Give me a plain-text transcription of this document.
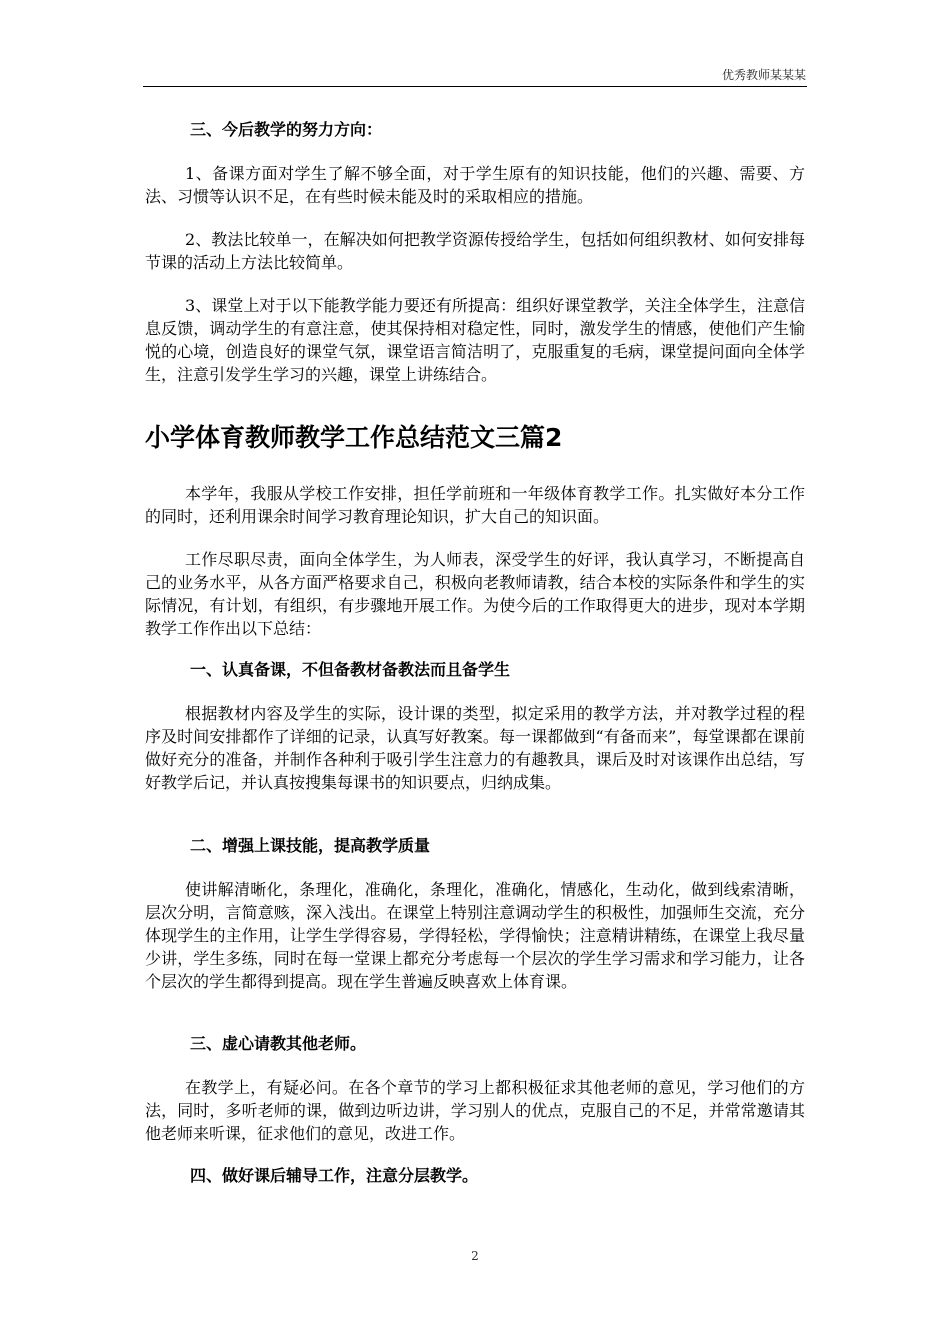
优秀教师某某某
三、今后教学的努力方向：
1、备课方面对学生了解不够全面，对于学生原有的知识技能，他们的兴趣、需要、方法、习惯等认识不足，在有些时候未能及时的采取相应的措施。
2、教法比较单一，在解决如何把教学资源传授给学生，包括如何组织教材、如何安排每节课的活动上方法比较简单。
3、课堂上对于以下能教学能力要还有所提高：组织好课堂教学，关注全体学生，注意信息反馈，调动学生的有意注意，使其保持相对稳定性，同时，激发学生的情感，使他们产生愉悦的心境，创造良好的课堂气氛，课堂语言简洁明了，克服重复的毛病，课堂提问面向全体学生，注意引发学生学习的兴趣，课堂上讲练结合。
小学体育教师教学工作总结范文三篇2
本学年，我服从学校工作安排，担任学前班和一年级体育教学工作。扎实做好本分工作的同时，还利用课余时间学习教育理论知识，扩大自己的知识面。
工作尽职尽责，面向全体学生，为人师表，深受学生的好评，我认真学习，不断提高自己的业务水平，从各方面严格要求自己，积极向老教师请教，结合本校的实际条件和学生的实际情况，有计划，有组织，有步骤地开展工作。为使今后的工作取得更大的进步，现对本学期教学工作作出以下总结：
一、认真备课，不但备教材备教法而且备学生
根据教材内容及学生的实际，设计课的类型，拟定采用的教学方法，并对教学过程的程序及时间安排都作了详细的记录，认真写好教案。每一课都做到“有备而来”，每堂课都在课前做好充分的准备，并制作各种利于吸引学生注意力的有趣教具，课后及时对该课作出总结，写好教学后记，并认真按搜集每课书的知识要点，归纳成集。
二、增强上课技能，提高教学质量
使讲解清晰化，条理化，准确化，条理化，准确化，情感化，生动化，做到线索清晰，层次分明，言简意赅，深入浅出。在课堂上特别注意调动学生的积极性，加强师生交流，充分体现学生的主作用，让学生学得容易，学得轻松，学得愉快；注意精讲精练，在课堂上我尽量少讲，学生多练，同时在每一堂课上都充分考虑每一个层次的学生学习需求和学习能力，让各个层次的学生都得到提高。现在学生普遍反映喜欢上体育课。
三、虚心请教其他老师。
在教学上，有疑必问。在各个章节的学习上都积极征求其他老师的意见，学习他们的方法，同时，多听老师的课，做到边听边讲，学习别人的优点，克服自己的不足，并常常邀请其他老师来听课，征求他们的意见，改进工作。
四、做好课后辅导工作，注意分层教学。
2
